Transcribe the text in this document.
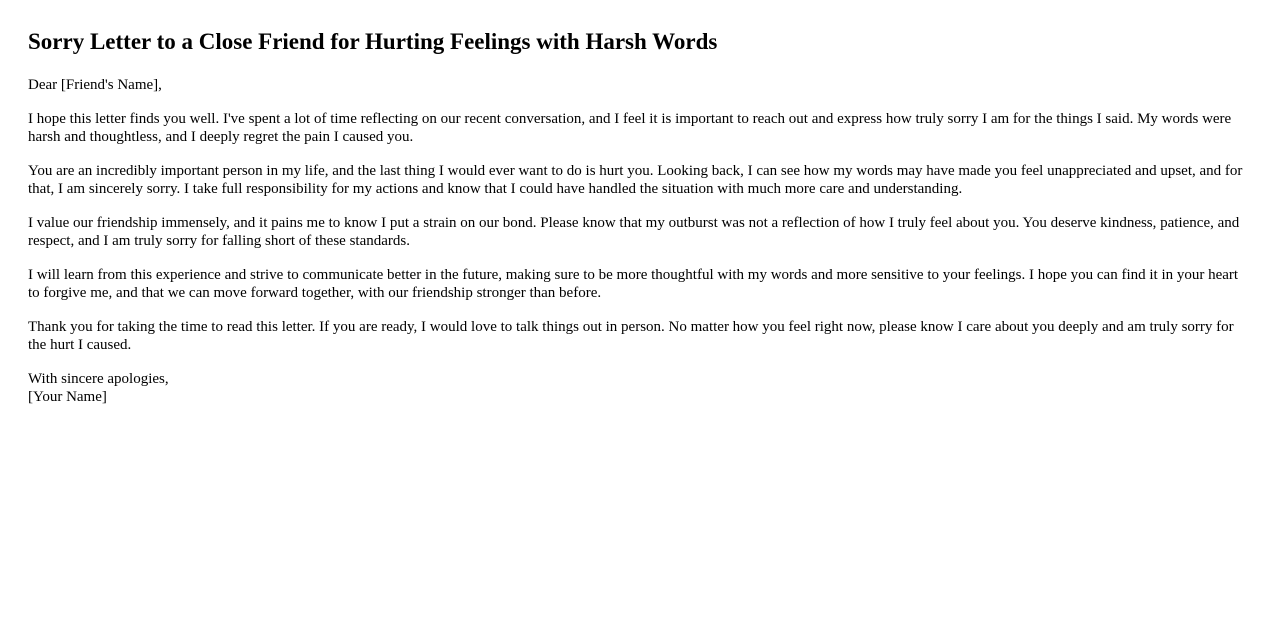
Sorry Letter to a Close Friend for Hurting Feelings with Harsh Words

Dear [Friend's Name],

I hope this letter finds you well. I've spent a lot of time reflecting on our recent conversation, and I feel it is important to reach out and express how truly sorry I am for the things I said. My words were harsh and thoughtless, and I deeply regret the pain I caused you.

You are an incredibly important person in my life, and the last thing I would ever want to do is hurt you. Looking back, I can see how my words may have made you feel unappreciated and upset, and for that, I am sincerely sorry. I take full responsibility for my actions and know that I could have handled the situation with much more care and understanding.

I value our friendship immensely, and it pains me to know I put a strain on our bond. Please know that my outburst was not a reflection of how I truly feel about you. You deserve kindness, patience, and respect, and I am truly sorry for falling short of these standards.

I will learn from this experience and strive to communicate better in the future, making sure to be more thoughtful with my words and more sensitive to your feelings. I hope you can find it in your heart to forgive me, and that we can move forward together, with our friendship stronger than before.

Thank you for taking the time to read this letter. If you are ready, I would love to talk things out in person. No matter how you feel right now, please know I care about you deeply and am truly sorry for the hurt I caused.

With sincere apologies,
[Your Name]
